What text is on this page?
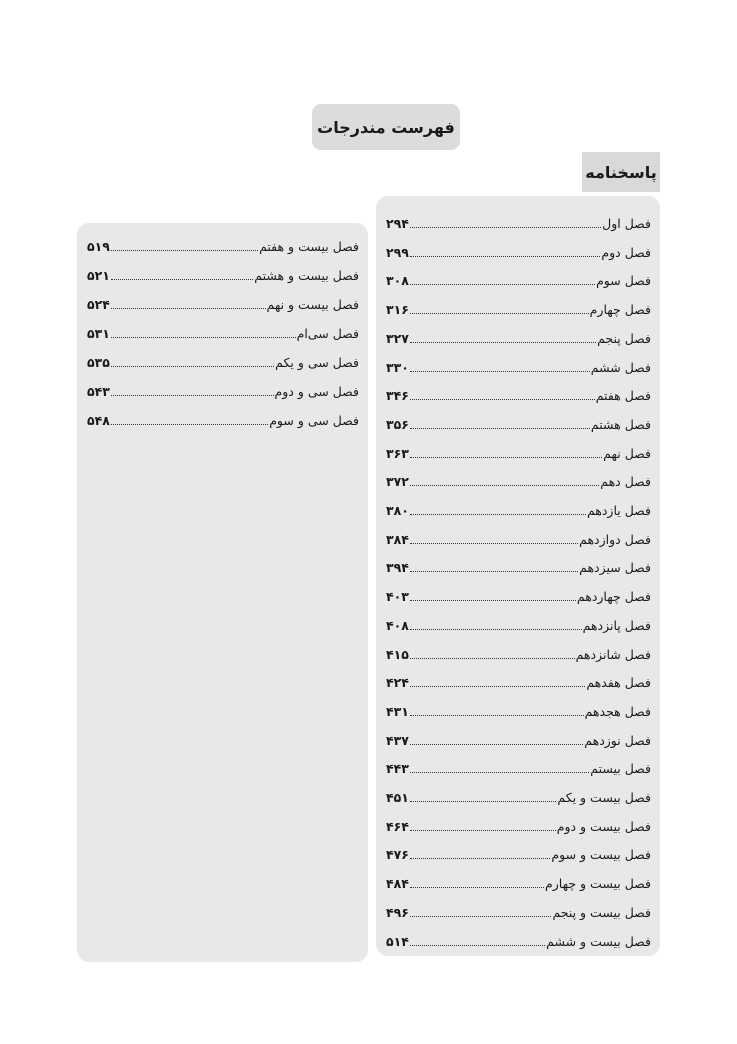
فهرست مندرجات
پاسخنامه
فصل اول
۲۹۴
فصل دوم
۲۹۹
فصل سوم
۳۰۸
فصل چهارم
۳۱۶
فصل پنجم
۳۲۷
فصل ششم
۳۳۰
فصل هفتم
۳۴۶
فصل هشتم
۳۵۶
فصل نهم
۳۶۳
فصل دهم
۳۷۲
فصل یازدهم
۳۸۰
فصل دوازدهم
۳۸۴
فصل سیزدهم
۳۹۴
فصل چهاردهم
۴۰۳
فصل پانزدهم
۴۰۸
فصل شانزدهم
۴۱۵
فصل هفدهم
۴۲۴
فصل هجدهم
۴۳۱
فصل نوزدهم
۴۳۷
فصل بیستم
۴۴۳
فصل بیست و یکم
۴۵۱
فصل بیست و دوم
۴۶۴
فصل بیست و سوم
۴۷۶
فصل بیست و چهارم
۴۸۴
فصل بیست و پنجم
۴۹۶
فصل بیست و ششم
۵۱۴
فصل بیست و هفتم
۵۱۹
فصل بیست و هشتم
۵۲۱
فصل بیست و نهم
۵۲۴
فصل سی‌ام
۵۳۱
فصل سی و یکم
۵۳۵
فصل سی و دوم
۵۴۳
فصل سی و سوم
۵۴۸
